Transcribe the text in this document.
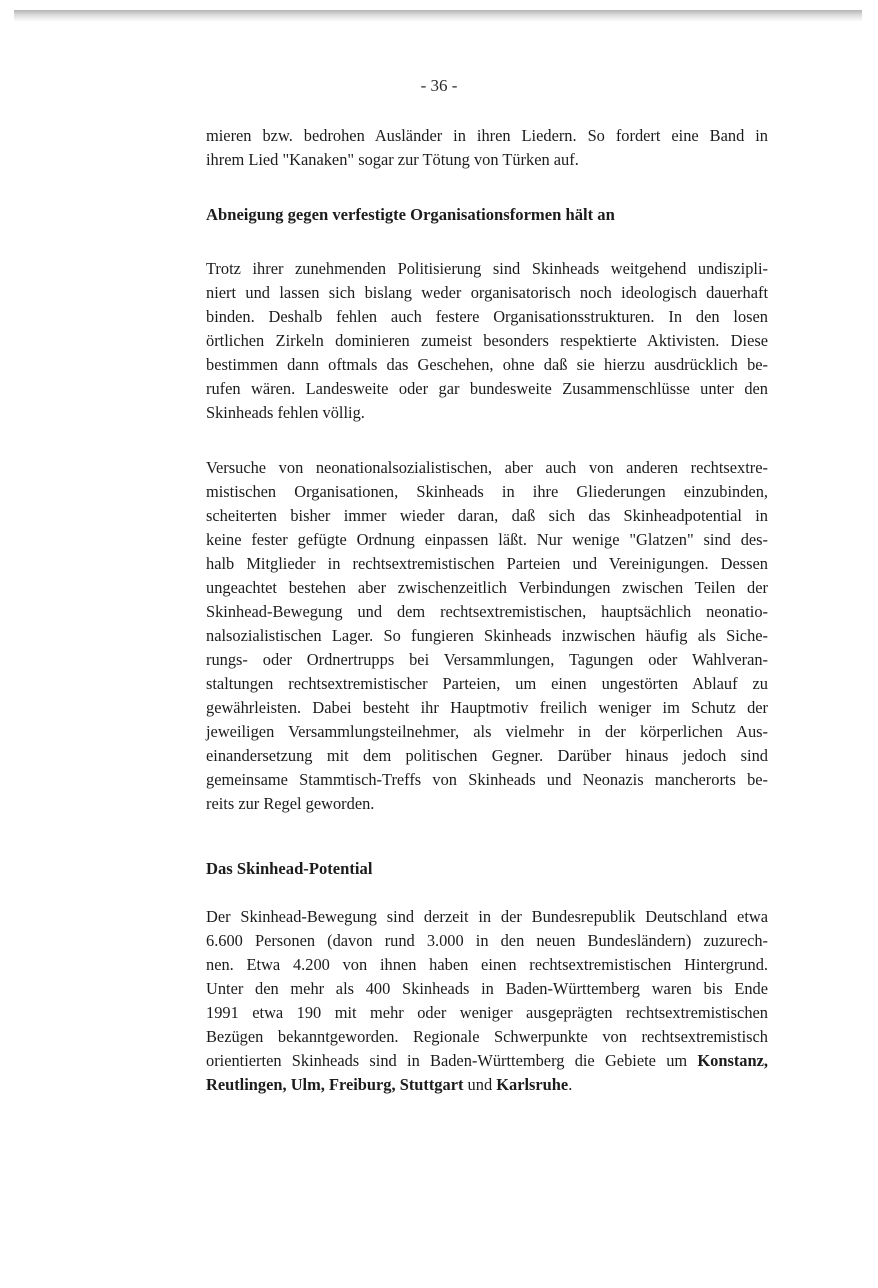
- 36 -

mieren bzw. bedrohen Ausländer in ihren Liedern. So fordert eine Band in
ihrem Lied "Kanaken" sogar zur Tötung von Türken auf.

Abneigung gegen verfestigte Organisationsformen hält an

Trotz ihrer zunehmenden Politisierung sind Skinheads weitgehend undiszipli-
niert und lassen sich bislang weder organisatorisch noch ideologisch dauerhaft
binden. Deshalb fehlen auch festere Organisationsstrukturen. In den losen
örtlichen Zirkeln dominieren zumeist besonders respektierte Aktivisten. Diese
bestimmen dann oftmals das Geschehen, ohne daß sie hierzu ausdrücklich be-
rufen wären. Landesweite oder gar bundesweite Zusammenschlüsse unter den
Skinheads fehlen völlig.

Versuche von neonationalsozialistischen, aber auch von anderen rechtsextre-
mistischen Organisationen, Skinheads in ihre Gliederungen einzubinden,
scheiterten bisher immer wieder daran, daß sich das Skinheadpotential in
keine fester gefügte Ordnung einpassen läßt. Nur wenige "Glatzen" sind des-
halb Mitglieder in rechtsextremistischen Parteien und Vereinigungen. Dessen
ungeachtet bestehen aber zwischenzeitlich Verbindungen zwischen Teilen der
Skinhead-Bewegung und dem rechtsextremistischen, hauptsächlich neonatio-
nalsozialistischen Lager. So fungieren Skinheads inzwischen häufig als Siche-
rungs- oder Ordnertrupps bei Versammlungen, Tagungen oder Wahlveran-
staltungen rechtsextremistischer Parteien, um einen ungestörten Ablauf zu
gewährleisten. Dabei besteht ihr Hauptmotiv freilich weniger im Schutz der
jeweiligen Versammlungsteilnehmer, als vielmehr in der körperlichen Aus-
einandersetzung mit dem politischen Gegner. Darüber hinaus jedoch sind
gemeinsame Stammtisch-Treffs von Skinheads und Neonazis mancherorts be-
reits zur Regel geworden.

Das Skinhead-Potential

Der Skinhead-Bewegung sind derzeit in der Bundesrepublik Deutschland etwa
6.600 Personen (davon rund 3.000 in den neuen Bundesländern) zuzurech-
nen. Etwa 4.200 von ihnen haben einen rechtsextremistischen Hintergrund.
Unter den mehr als 400 Skinheads in Baden-Württemberg waren bis Ende
1991 etwa 190 mit mehr oder weniger ausgeprägten rechtsextremistischen
Bezügen bekanntgeworden. Regionale Schwerpunkte von rechtsextremistisch
orientierten Skinheads sind in Baden-Württemberg die Gebiete um Konstanz,
Reutlingen, Ulm, Freiburg, Stuttgart und Karlsruhe.
